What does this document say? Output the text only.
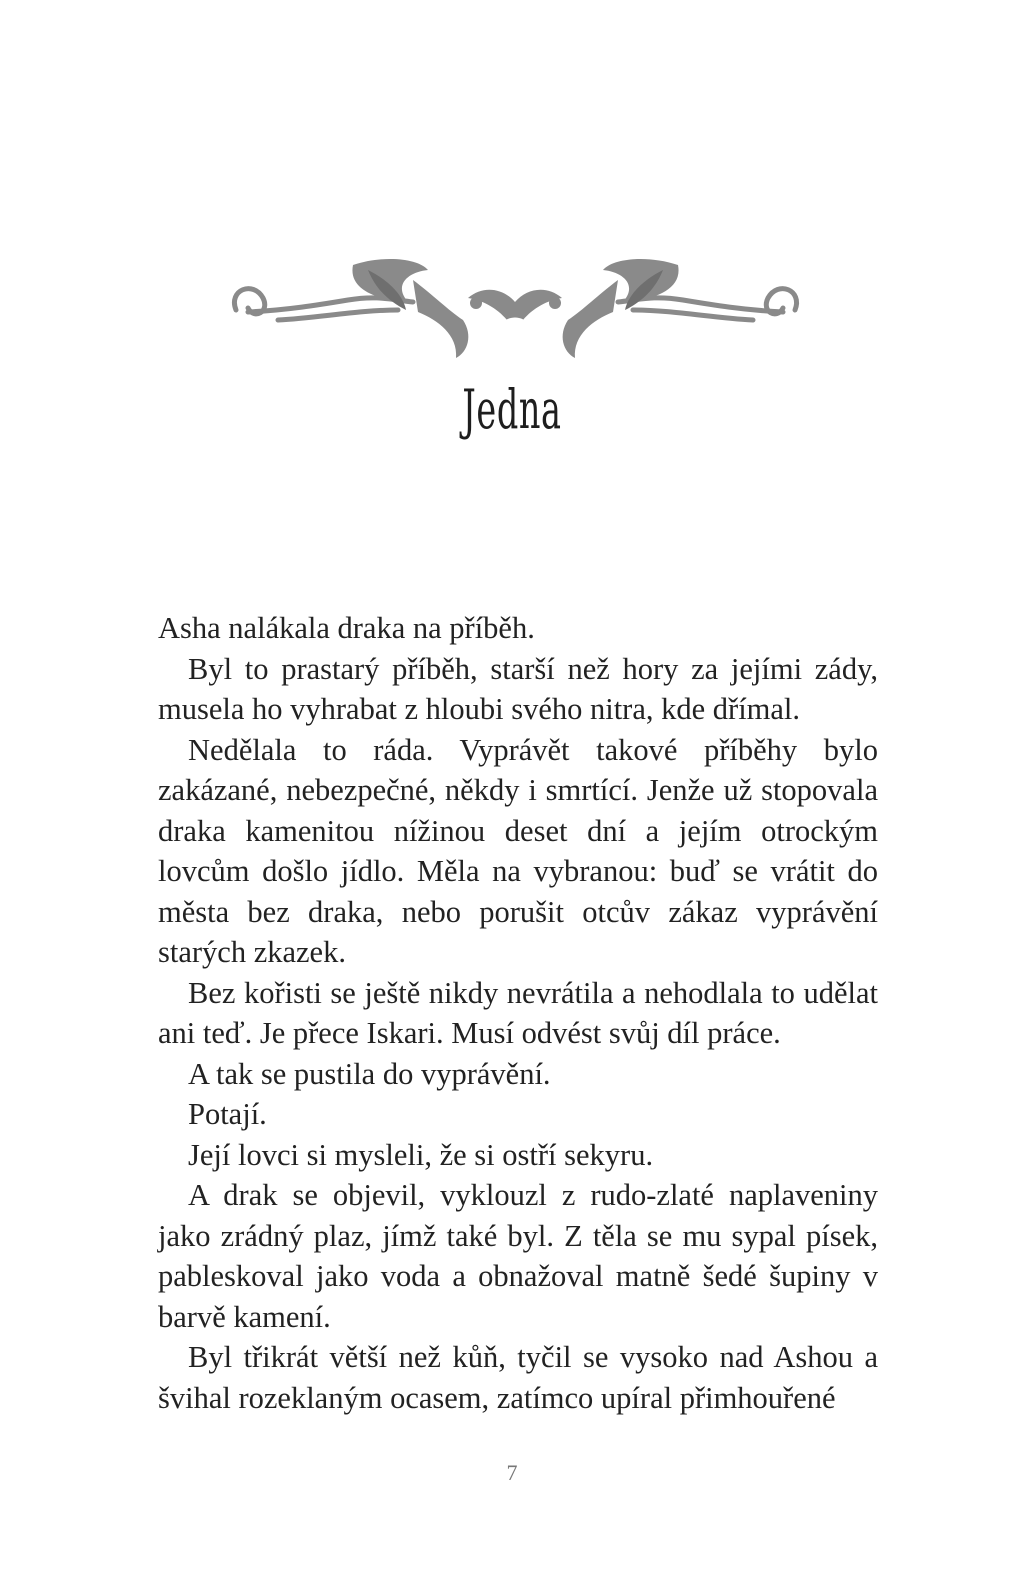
Jedna

Asha nalákala draka na příběh.

Byl to prastarý příběh, starší než hory za jejími zády, musela ho vyhrabat z hloubi svého nitra, kde dřímal.

Nedělala to ráda. Vyprávět takové příběhy bylo zakázané, nebezpečné, někdy i smrtící. Jenže už stopovala draka kamenitou nížinou deset dní a jejím otrockým lovcům došlo jídlo. Měla na vybranou: buď se vrátit do města bez draka, nebo porušit otcův zákaz vyprávění starých zkazek.

Bez kořisti se ještě nikdy nevrátila a nehodlala to udělat ani teď. Je přece Iskari. Musí odvést svůj díl práce.

A tak se pustila do vyprávění.

Potají.

Její lovci si mysleli, že si ostří sekyru.

A drak se objevil, vyklouzl z rudo-zlaté naplaveniny jako zrádný plaz, jímž také byl. Z těla se mu sypal písek, pableskoval jako voda a obnažoval matně šedé šupiny v barvě kamení.

Byl třikrát větší než kůň, tyčil se vysoko nad Ashou a švihal rozeklaným ocasem, zatímco upíral přimhouřené

7
